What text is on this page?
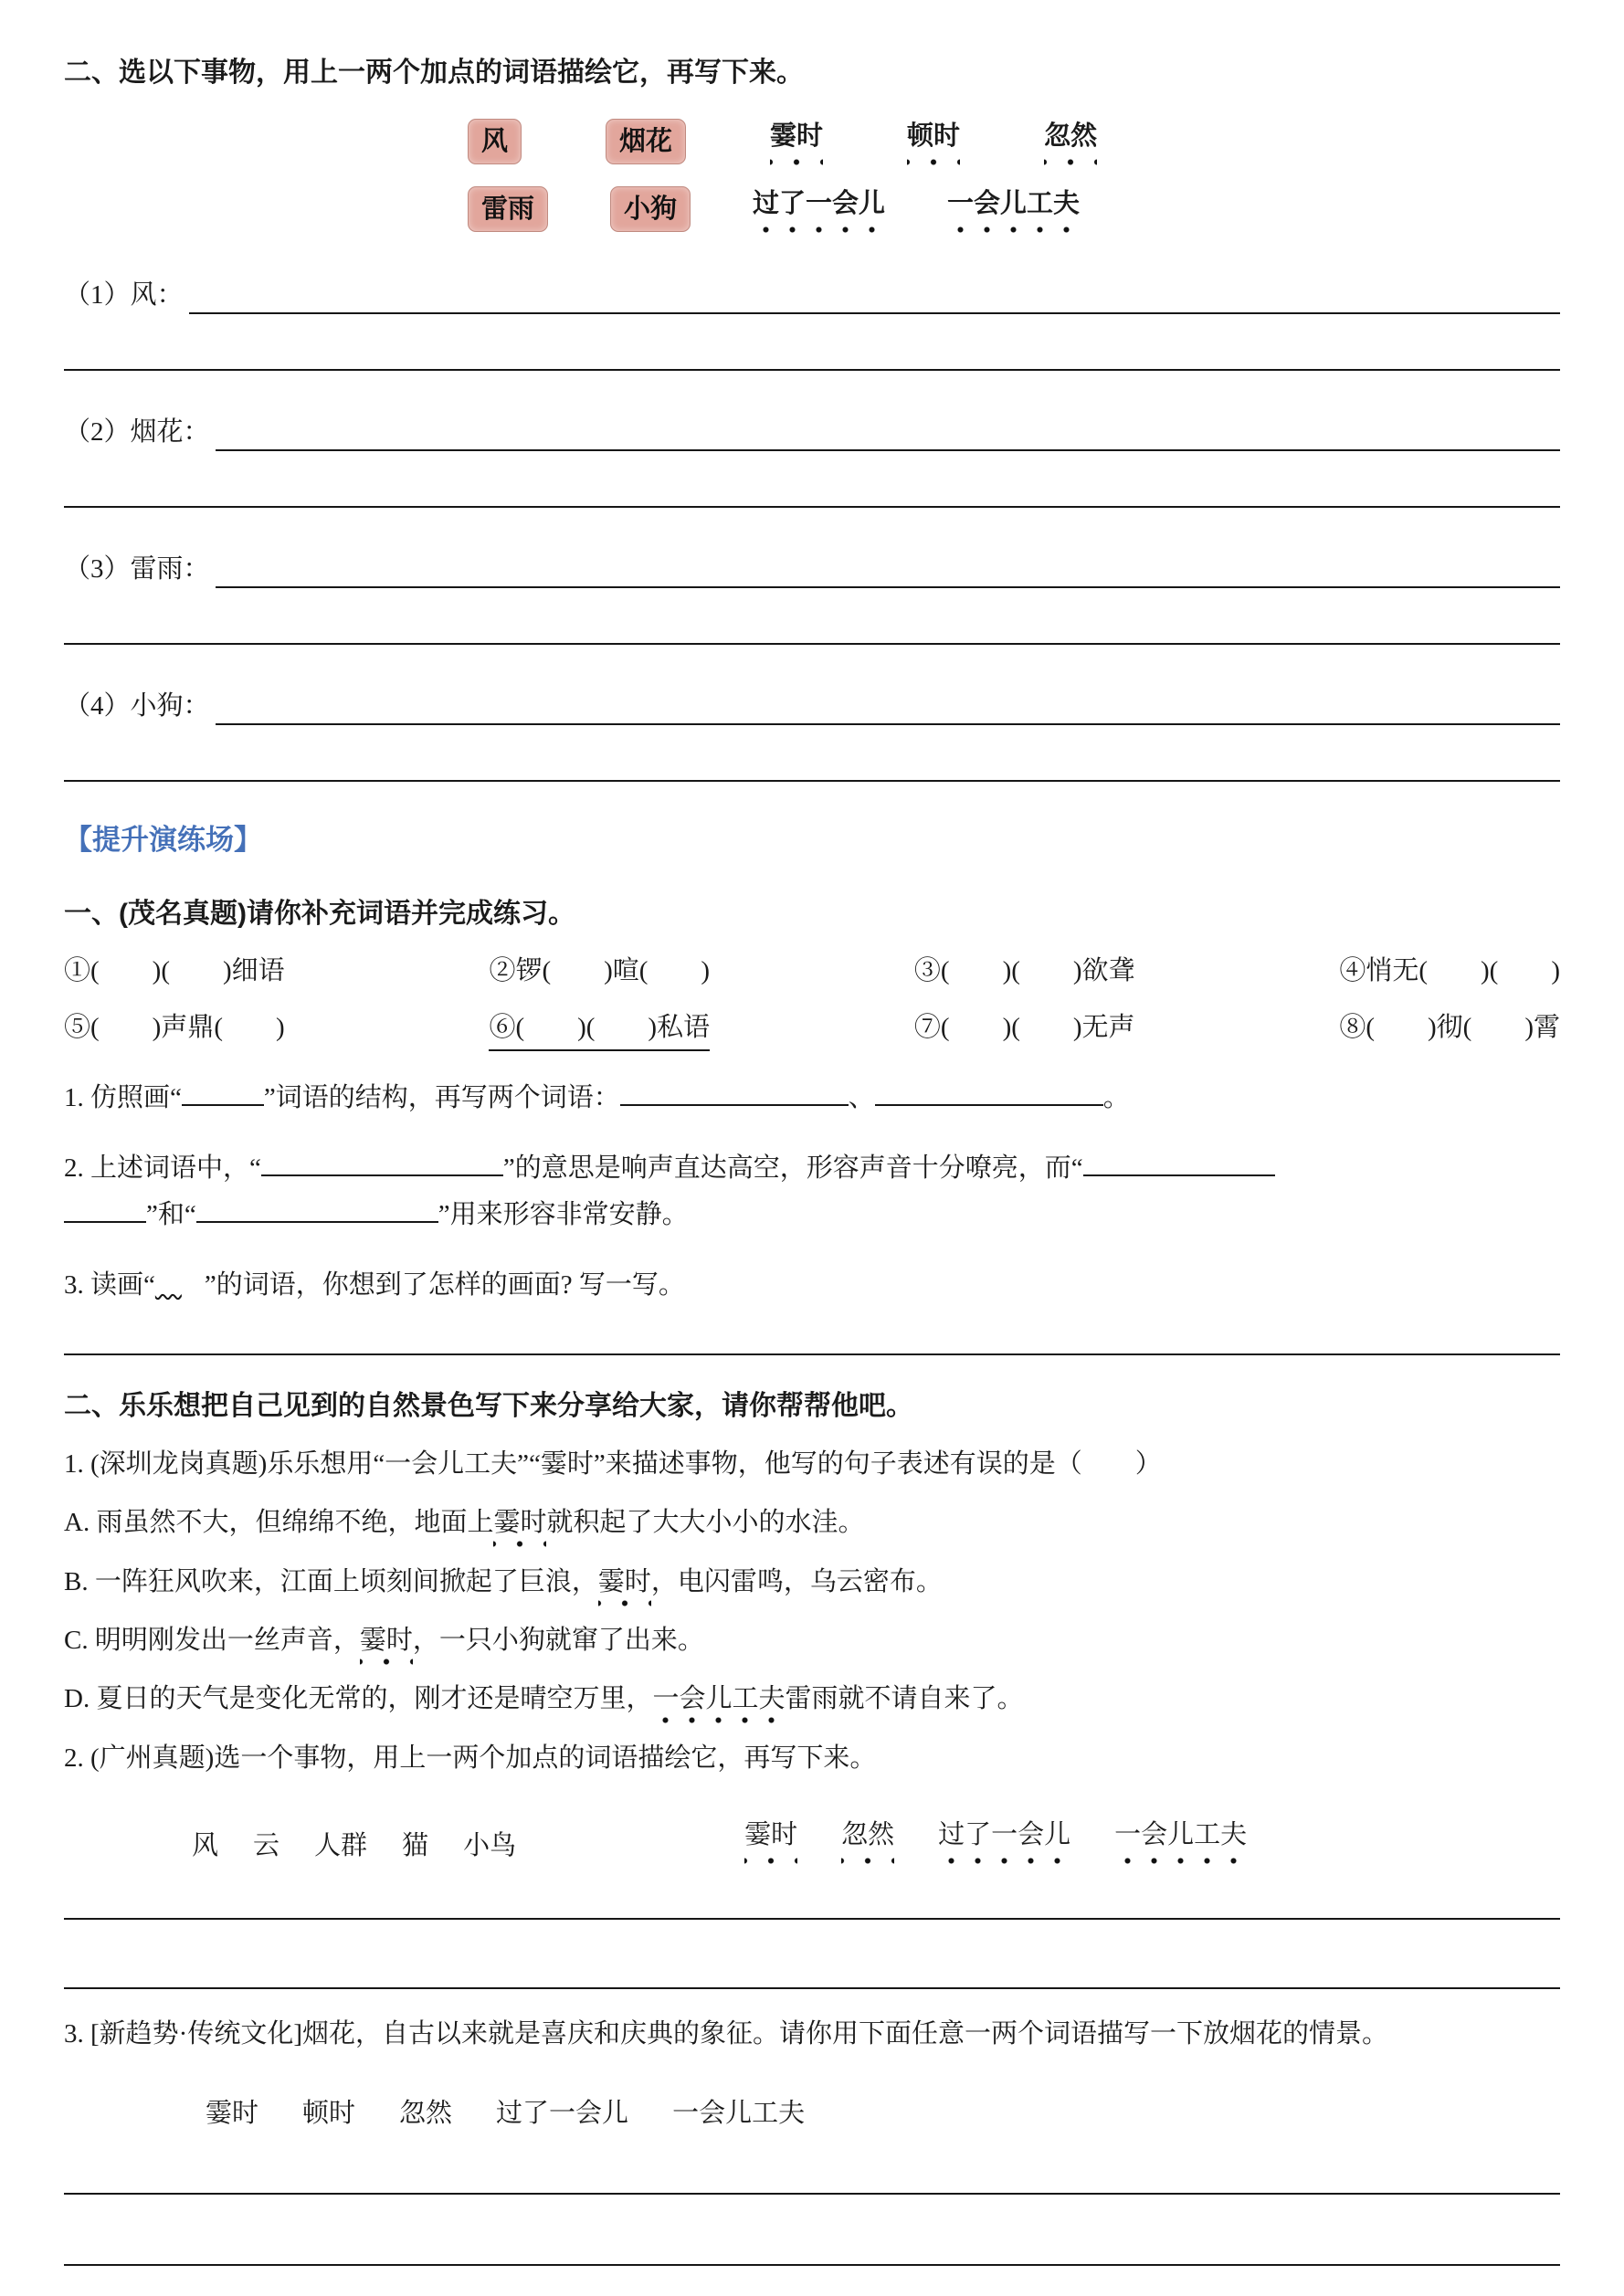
二、选以下事物，用上一两个加点的词语描绘它，再写下来。
风	烟花	霎时	顿时	忽然
雷雨	小狗	过了一会儿 一会儿工夫
（1）风：
（2）烟花：
（3）雷雨：
（4）小狗：
【提升演练场】
一、(茂名真题)请你补充词语并完成练习。
①(　　)(　　)细语	②锣(　　)喧(　　)	③(　　)(　　)欲聋	④悄无(　　)(　　)
⑤(　　)声鼎(　　)	⑥(　　)(　　)私语	⑦(　　)(　　)无声	⑧(　　)彻(　　)霄
1. 仿照画“	”词语的结构，再写两个词语：	、	。
2. 上述词语中，“	”的意思是响声直达高空，形容声音十分嘹亮，而“
”和“	”用来形容非常安静。
3. 读画“ ”的词语，你想到了怎样的画面? 写一写。
二、乐乐想把自己见到的自然景色写下来分享给大家，请你帮帮他吧。
1. (深圳龙岗真题)乐乐想用“一会儿工夫”“霎时”来描述事物，他写的句子表述有误的是（　　）
A. 雨虽然不大，但绵绵不绝，地面上霎时就积起了大大小小的水洼。
B. 一阵狂风吹来，江面上顷刻间掀起了巨浪，霎时，电闪雷鸣，乌云密布。
C. 明明刚发出一丝声音，霎时，一只小狗就窜了出来。
D. 夏日的天气是变化无常的，刚才还是晴空万里，一会儿工夫雷雨就不请自来了。
2. (广州真题)选一个事物，用上一两个加点的词语描绘它，再写下来。
风 云 人群 猫 小鸟	霎时 忽然 过了一会儿 一会儿工夫
3. [新趋势·传统文化]烟花，自古以来就是喜庆和庆典的象征。请你用下面任意一两个词语描写一下放烟花的情景。
霎时 顿时 忽然 过了一会儿 一会儿工夫
